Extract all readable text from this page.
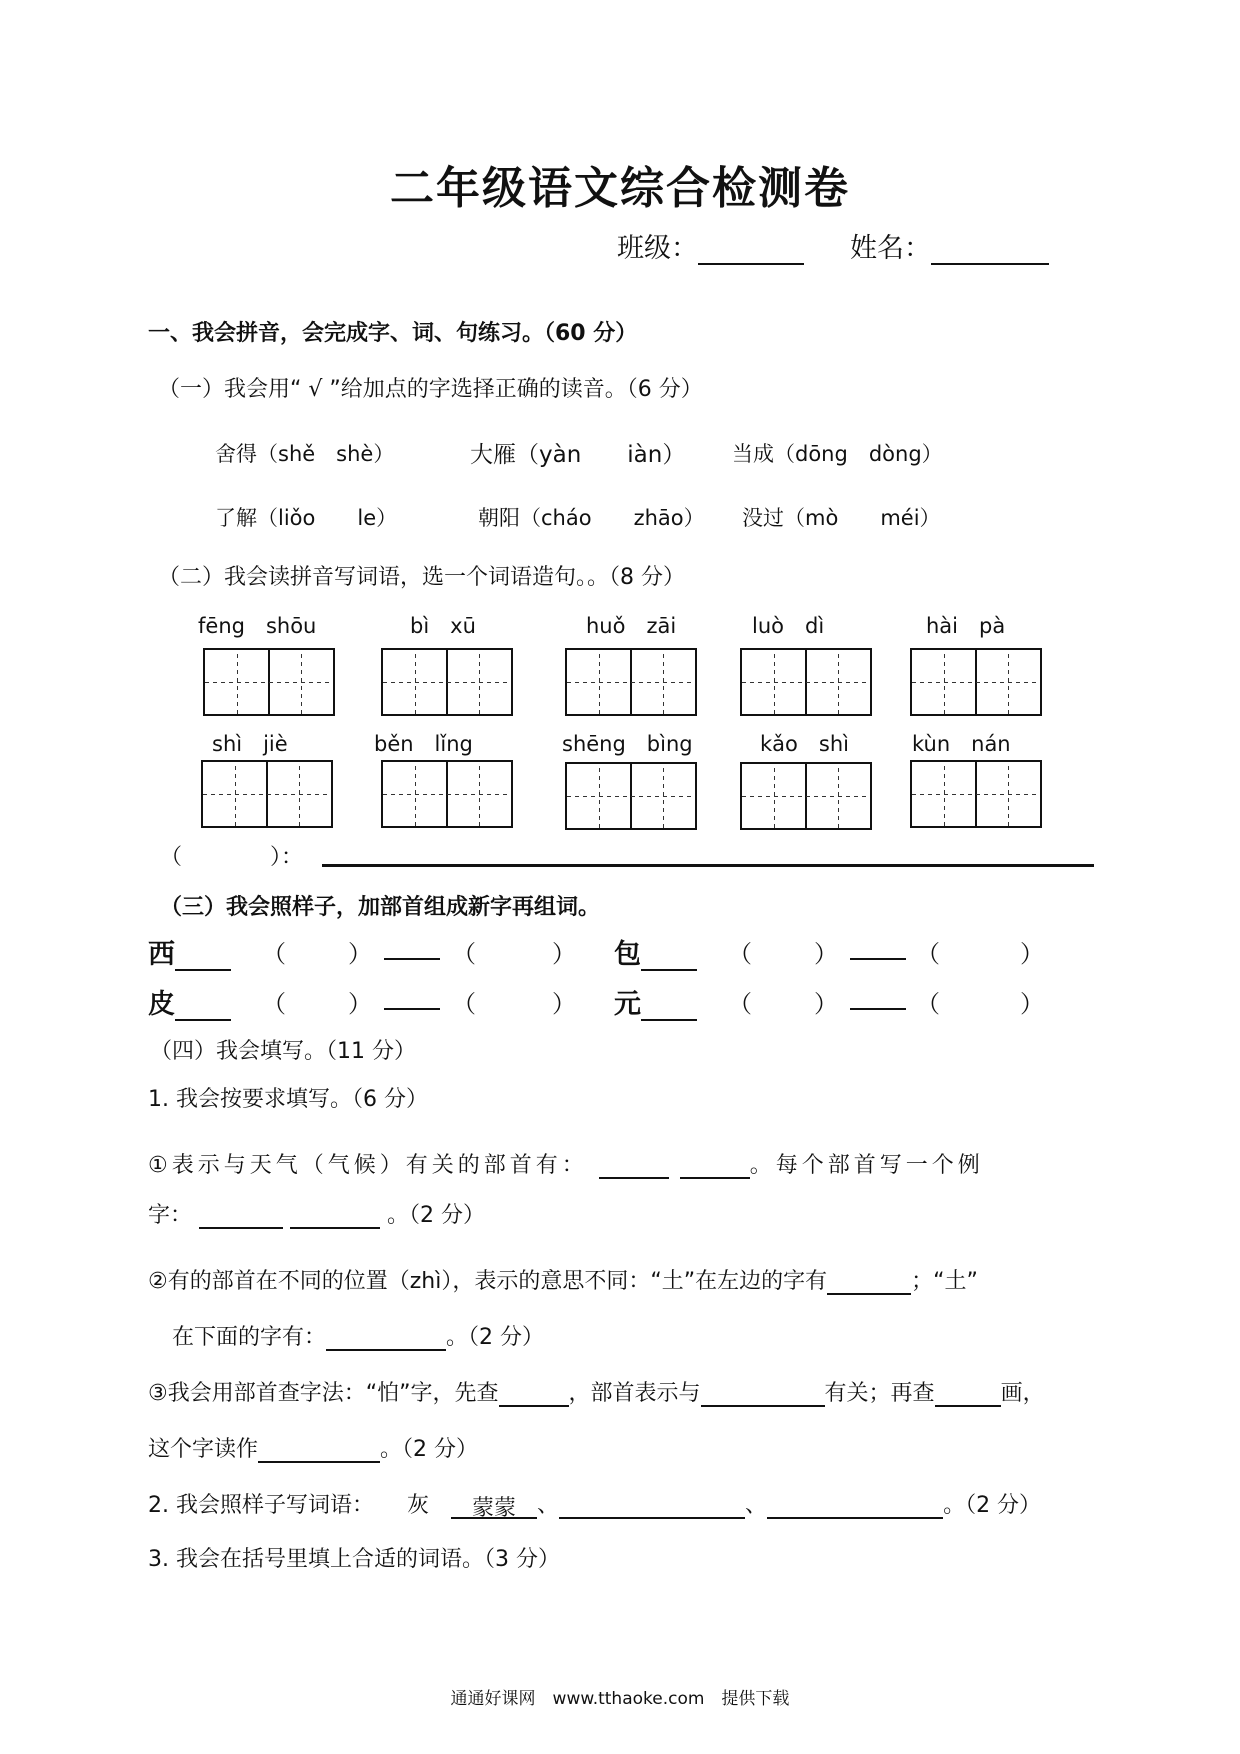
二年级语文综合检测卷
班级：	姓名：
一、我会拼音，会完成字、词、句练习。（60 分）
（一）我会用“ √ ”给加点的字选择正确的读音。（6 分）
舍得（shě　 shè）	大雁（yàn　　 iàn） 当成（dōng　 dòng）
了解（liǒo　　 le）	朝阳（cháo　　 zhāo） 没过（mò　　 méi）
（二）我会读拼音写词语，选一个词语造句。。（8 分）
fēng　shōu	bì　xū	huǒ　zāi	luò　dì	hài　pà
shì　jiè	běn　lǐng	shēng　bìng	kǎo　shì	kùn　nán
（　　　　）：
（三）我会照样子，加部首组成新字再组词。
西	（	）	（	） 包	（	）	（	）
皮	（	）	（	） 元	（	）	（	）
（四）我会填写。（11 分）
1. 我会按要求填写。（6 分）
①表示与天气（气候）有关的部首有：	。每个部首写一个例
字：	。（2 分）
②有的部首在不同的位置（zhì），表示的意思不同：“土”在左边的字有	；“土”
在下面的字有：	。（2 分）
③我会用部首查字法：“怕”字，先查	，部首表示与	有关；再查	画，
这个字读作	。（2 分）
2. 我会照样子写词语：　　 灰　 蒙蒙 、	、	。（2 分）
3. 我会在括号里填上合适的词语。（3 分）
通通好课网　www.tthaoke.com　提供下载
